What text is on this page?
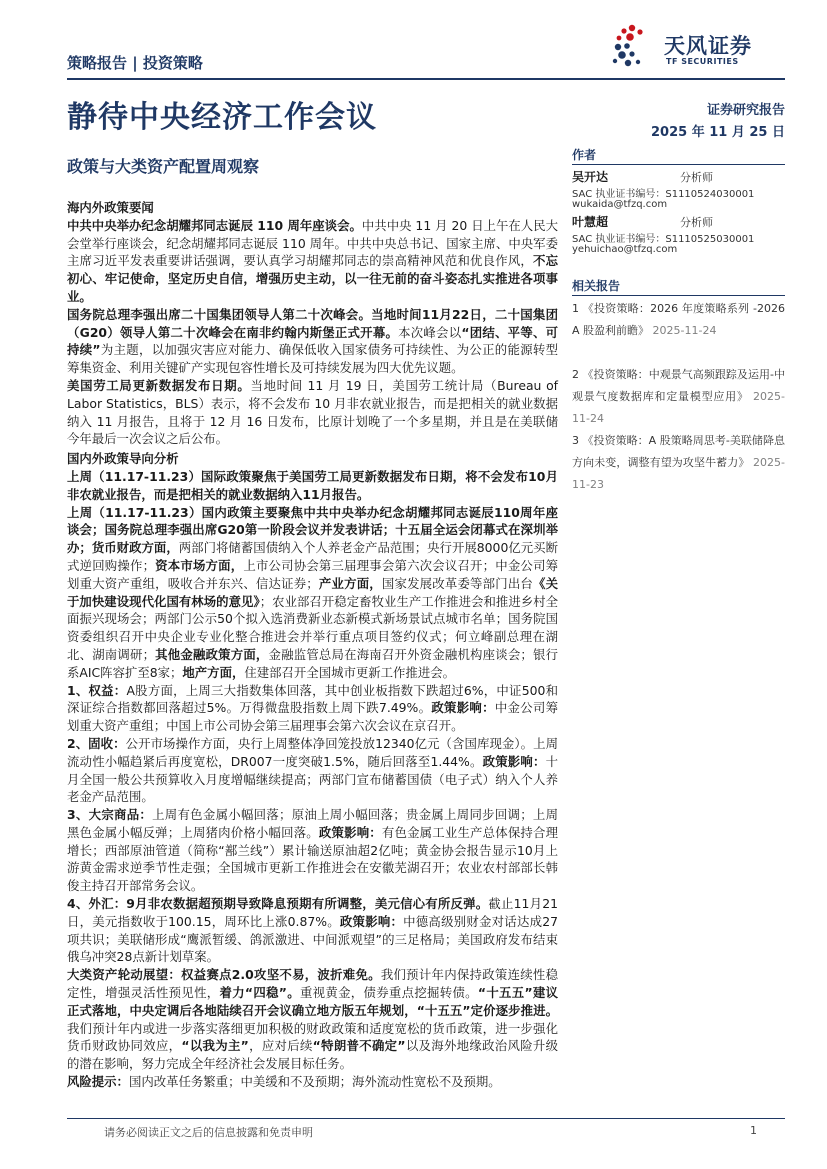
策略报告 | 投资策略
天风证券
TF SECURITIES
静待中央经济工作会议	证券研究报告
2025 年 11 月 25 日
政策与大类资产配置周观察
作者
吴开达	分析师
SAC 执业证书编号：S1110524030001
wukaida@tfzq.com
叶慧超	分析师
SAC 执业证书编号：S1110525030001
yehuichao@tfzq.com
相关报告
1 《投资策略：2026 年度策略系列 -2026 A 股盈利前瞻》 2025-11-24
2 《投资策略：中观景气高频跟踪及运用-中观景气度数据库和定量模型应用》 2025-11-24
3 《投资策略：A 股策略周思考-美联储降息方向未变，调整有望为攻坚牛蓄力》 2025-11-23

海内外政策要闻

中共中央举办纪念胡耀邦同志诞辰 110 周年座谈会。中共中央 11 月 20 日上午在人民大会堂举行座谈会，纪念胡耀邦同志诞辰 110 周年。中共中央总书记、国家主席、中央军委主席习近平发表重要讲话强调，要认真学习胡耀邦同志的崇高精神风范和优良作风，不忘初心、牢记使命，坚定历史自信，增强历史主动，以一往无前的奋斗姿态扎实推进各项事业。

国务院总理李强出席二十国集团领导人第二十次峰会。当地时间11月22日，二十国集团（G20）领导人第二十次峰会在南非约翰内斯堡正式开幕。本次峰会以“团结、平等、可持续”为主题，以加强灾害应对能力、确保低收入国家债务可持续性、为公正的能源转型筹集资金、利用关键矿产实现包容性增长及可持续发展为四大优先议题。

美国劳工局更新数据发布日期。当地时间 11 月 19 日，美国劳工统计局（Bureau of Labor Statistics，BLS）表示，将不会发布 10 月非农就业报告，而是把相关的就业数据纳入 11 月报告，且将于 12 月 16 日发布，比原计划晚了一个多星期，并且是在美联储今年最后一次会议之后公布。

国内外政策导向分析

上周（11.17-11.23）国际政策聚焦于美国劳工局更新数据发布日期，将不会发布10月非农就业报告，而是把相关的就业数据纳入11月报告。

上周（11.17-11.23）国内政策主要聚焦中共中央举办纪念胡耀邦同志诞辰110周年座谈会；国务院总理李强出席G20第一阶段会议并发表讲话；十五届全运会闭幕式在深圳举办；货币财政方面，两部门将储蓄国债纳入个人养老金产品范围；央行开展8000亿元买断式逆回购操作；资本市场方面，上市公司协会第三届理事会第六次会议召开；中金公司筹划重大资产重组，吸收合并东兴、信达证券；产业方面，国家发展改革委等部门出台《关于加快建设现代化国有林场的意见》；农业部召开稳定畜牧业生产工作推进会和推进乡村全面振兴现场会；两部门公示50个拟入选消费新业态新模式新场景试点城市名单；国务院国资委组织召开中央企业专业化整合推进会并举行重点项目签约仪式；何立峰副总理在湖北、湖南调研；其他金融政策方面，金融监管总局在海南召开外资金融机构座谈会；银行系AIC阵容扩至8家；地产方面，住建部召开全国城市更新工作推进会。

1、权益：A股方面，上周三大指数集体回落，其中创业板指数下跌超过6%，中证500和深证综合指数都回落超过5%。万得微盘股指数上周下跌7.49%。政策影响：中金公司筹划重大资产重组；中国上市公司协会第三届理事会第六次会议在京召开。

2、固收：公开市场操作方面，央行上周整体净回笼投放12340亿元（含国库现金）。上周流动性小幅趋紧后再度宽松，DR007一度突破1.5%，随后回落至1.44%。政策影响：十月全国一般公共预算收入月度增幅继续提高；两部门宣布储蓄国债（电子式）纳入个人养老金产品范围。

3、大宗商品：上周有色金属小幅回落；原油上周小幅回落；贵金属上周同步回调；上周黑色金属小幅反弹；上周猪肉价格小幅回落。政策影响：有色金属工业生产总体保持合理增长；西部原油管道（简称“鄯兰线”）累计输送原油超2亿吨；黄金协会报告显示10月上游黄金需求逆季节性走强；全国城市更新工作推进会在安徽芜湖召开；农业农村部部长韩俊主持召开部常务会议。

4、外汇：9月非农数据超预期导致降息预期有所调整，美元信心有所反弹。截止11月21日，美元指数收于100.15，周环比上涨0.87%。政策影响：中德高级别财金对话达成27项共识；美联储形成“鹰派暂缓、鸽派激进、中间派观望”的三足格局；美国政府发布结束俄乌冲突28点新计划草案。

大类资产轮动展望：权益赛点2.0攻坚不易，波折难免。我们预计年内保持政策连续性稳定性，增强灵活性预见性，着力“四稳”。重视黄金，债券重点挖掘转债。“十五五”建议正式落地，中央定调后各地陆续召开会议确立地方版五年规划，“十五五”定价逐步推进。我们预计年内或进一步落实落细更加积极的财政政策和适度宽松的货币政策，进一步强化货币财政协同效应，“以我为主”，应对后续“特朗普不确定”以及海外地缘政治风险升级的潜在影响，努力完成全年经济社会发展目标任务。

风险提示：国内改革任务繁重；中美缓和不及预期；海外流动性宽松不及预期。

请务必阅读正文之后的信息披露和免责申明	1
